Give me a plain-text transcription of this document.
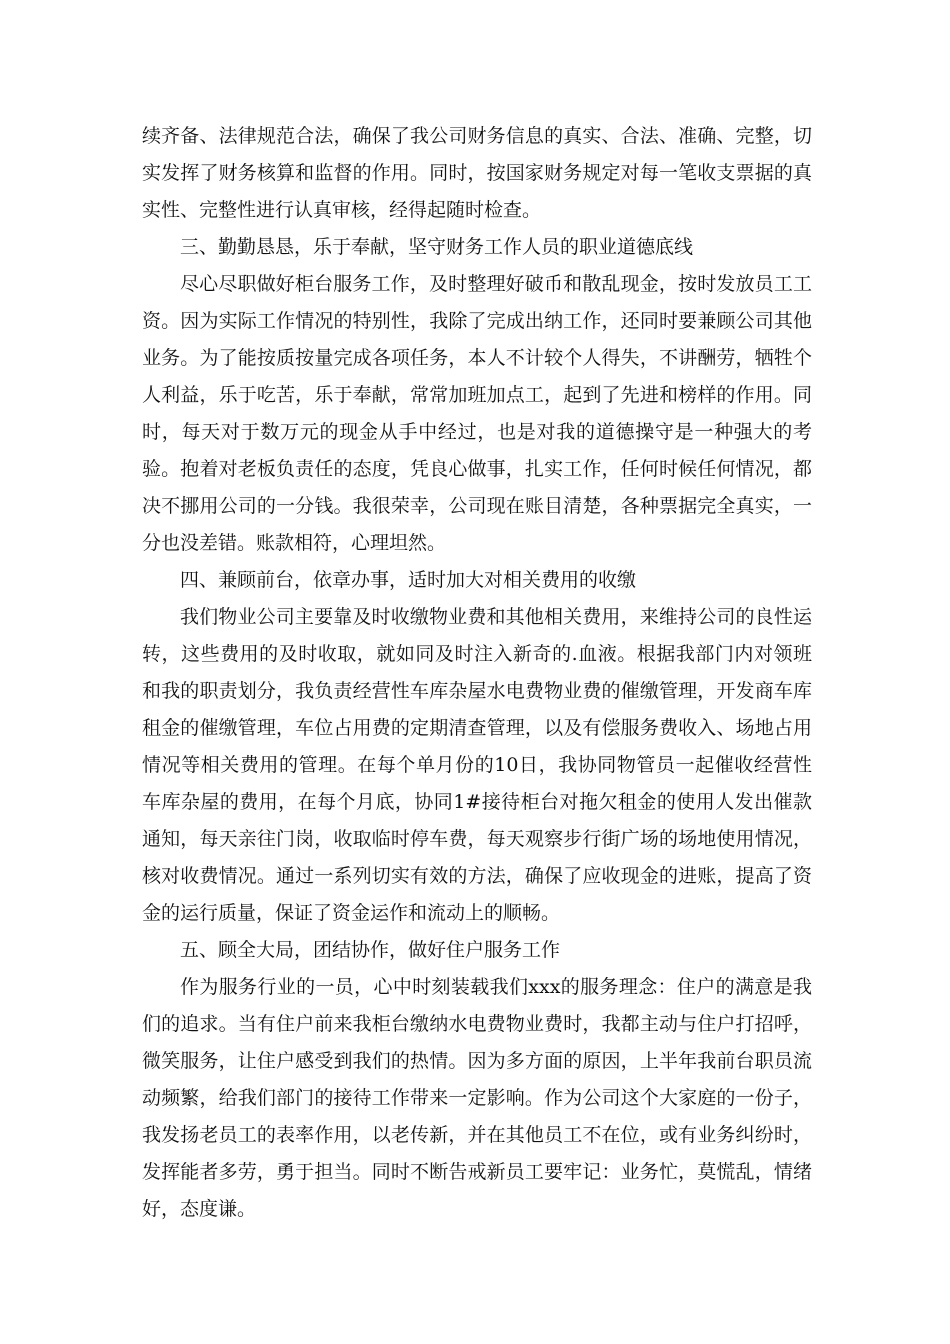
续齐备、法律规范合法，确保了我公司财务信息的真实、合法、准确、完整，切实发挥了财务核算和监督的作用。同时，按国家财务规定对每一笔收支票据的真实性、完整性进行认真审核，经得起随时检查。

三、勤勤恳恳，乐于奉献，坚守财务工作人员的职业道德底线

尽心尽职做好柜台服务工作，及时整理好破币和散乱现金，按时发放员工工资。因为实际工作情况的特别性，我除了完成出纳工作，还同时要兼顾公司其他业务。为了能按质按量完成各项任务，本人不计较个人得失，不讲酬劳，牺牲个人利益，乐于吃苦，乐于奉献，常常加班加点工，起到了先进和榜样的作用。同时，每天对于数万元的现金从手中经过，也是对我的道德操守是一种强大的考验。抱着对老板负责任的态度，凭良心做事，扎实工作，任何时候任何情况，都决不挪用公司的一分钱。我很荣幸，公司现在账目清楚，各种票据完全真实，一分也没差错。账款相符，心理坦然。

四、兼顾前台，依章办事，适时加大对相关费用的收缴

我们物业公司主要靠及时收缴物业费和其他相关费用，来维持公司的良性运转，这些费用的及时收取，就如同及时注入新奇的.血液。根据我部门内对领班和我的职责划分，我负责经营性车库杂屋水电费物业费的催缴管理，开发商车库租金的催缴管理，车位占用费的定期清查管理，以及有偿服务费收入、场地占用情况等相关费用的管理。在每个单月份的10日，我协同物管员一起催收经营性车库杂屋的费用，在每个月底，协同1#接待柜台对拖欠租金的使用人发出催款通知，每天亲往门岗，收取临时停车费，每天观察步行街广场的场地使用情况，核对收费情况。通过一系列切实有效的方法，确保了应收现金的进账，提高了资金的运行质量，保证了资金运作和流动上的顺畅。

五、顾全大局，团结协作，做好住户服务工作

作为服务行业的一员，心中时刻装载我们xxx的服务理念：住户的满意是我们的追求。当有住户前来我柜台缴纳水电费物业费时，我都主动与住户打招呼，微笑服务，让住户感受到我们的热情。因为多方面的原因，上半年我前台职员流动频繁，给我们部门的接待工作带来一定影响。作为公司这个大家庭的一份子，我发扬老员工的表率作用，以老传新，并在其他员工不在位，或有业务纠纷时，发挥能者多劳，勇于担当。同时不断告戒新员工要牢记：业务忙，莫慌乱，情绪好，态度谦。
